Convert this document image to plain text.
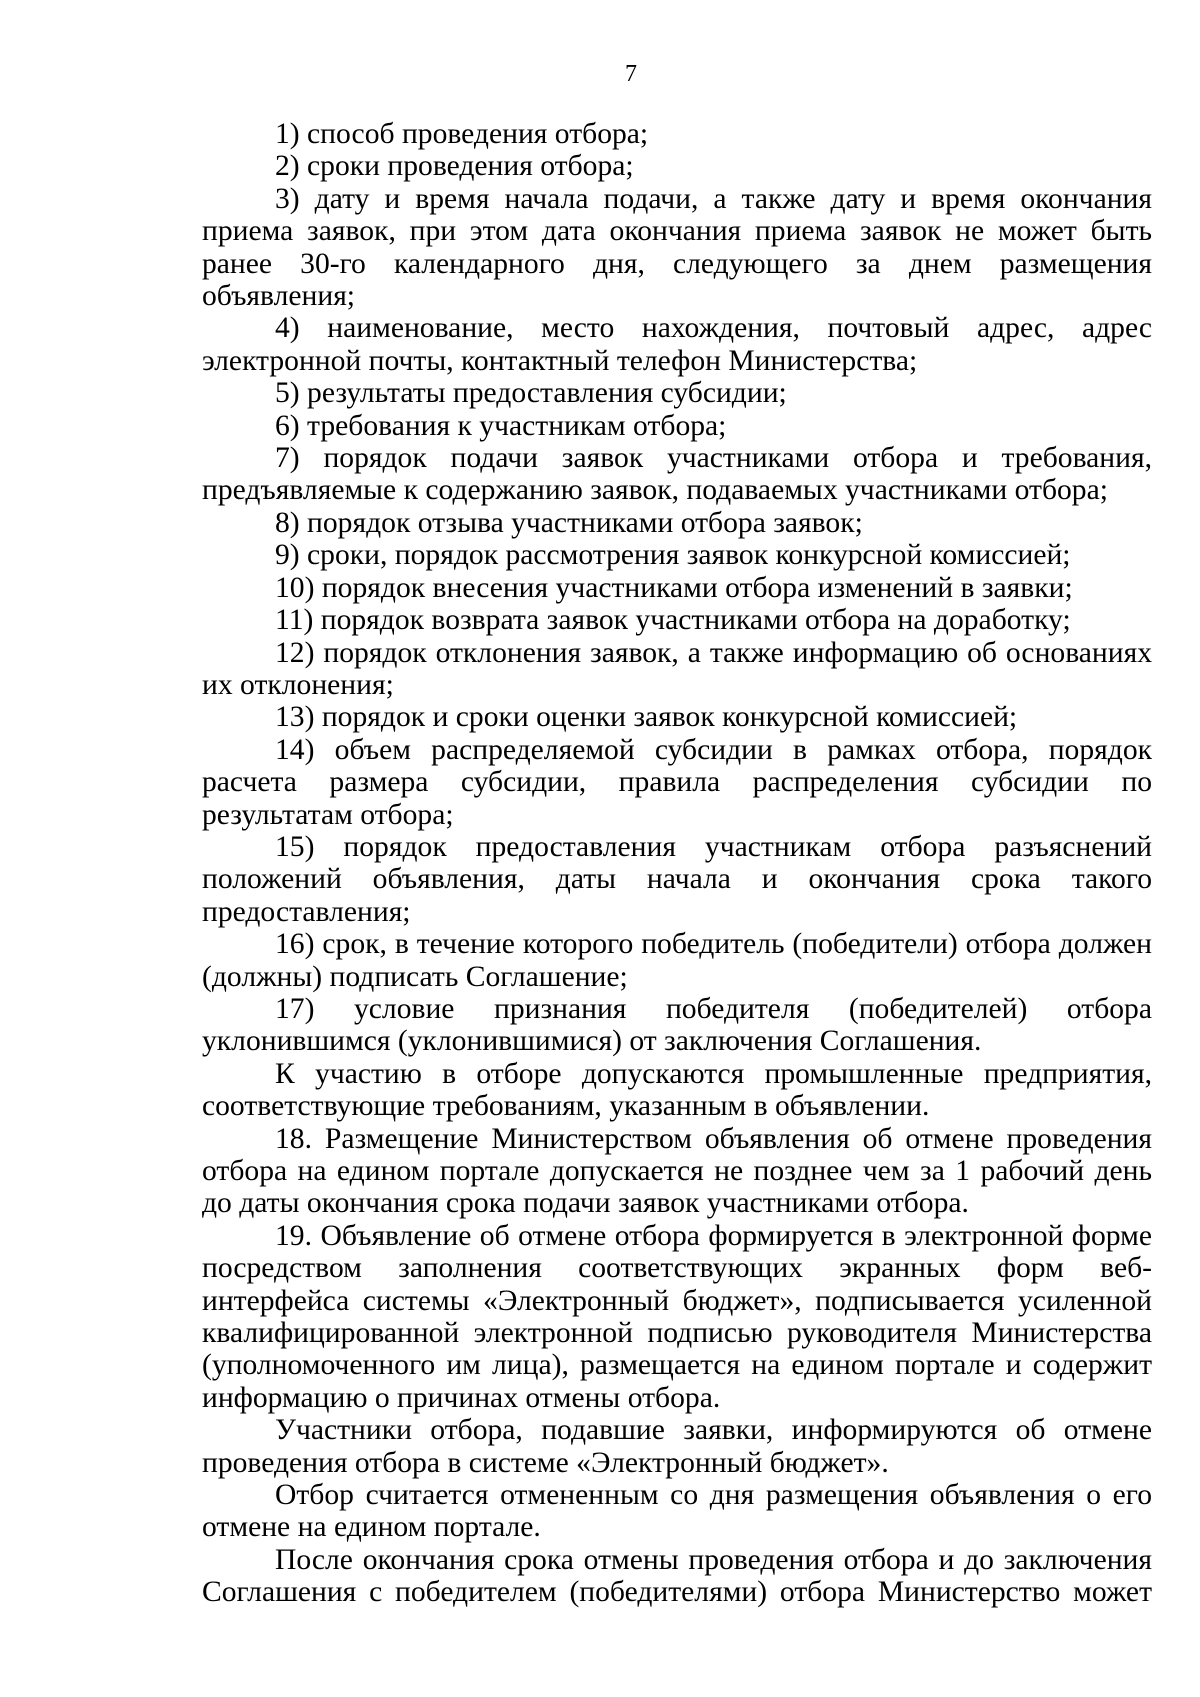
7

1) способ проведения отбора;

2) сроки проведения отбора;

3) дату и время начала подачи, а также дату и время окончания приема заявок, при этом дата окончания приема заявок не может быть ранее 30-го календарного дня, следующего за днем размещения объявления;

4) наименование, место нахождения, почтовый адрес, адрес электронной почты, контактный телефон Министерства;

5) результаты предоставления субсидии;

6) требования к участникам отбора;

7) порядок подачи заявок участниками отбора и требования, предъявляемые к содержанию заявок, подаваемых участниками отбора;

8) порядок отзыва участниками отбора заявок;

9) сроки, порядок рассмотрения заявок конкурсной комиссией;

10) порядок внесения участниками отбора изменений в заявки;

11) порядок возврата заявок участниками отбора на доработку;

12) порядок отклонения заявок, а также информацию об основаниях их отклонения;

13) порядок и сроки оценки заявок конкурсной комиссией;

14) объем распределяемой субсидии в рамках отбора, порядок расчета размера субсидии, правила распределения субсидии по результатам отбора;

15) порядок предоставления участникам отбора разъяснений положений объявления, даты начала и окончания срока такого предоставления;

16) срок, в течение которого победитель (победители) отбора должен (должны) подписать Соглашение;

17) условие признания победителя (победителей) отбора уклонившимся (уклонившимися) от заключения Соглашения.

К участию в отборе допускаются промышленные предприятия, соответствующие требованиям, указанным в объявлении.

18. Размещение Министерством объявления об отмене проведения отбора на едином портале допускается не позднее чем за 1 рабочий день до даты окончания срока подачи заявок участниками отбора.

19. Объявление об отмене отбора формируется в электронной форме посредством заполнения соответствующих экранных форм веб-интерфейса системы «Электронный бюджет», подписывается усиленной квалифицированной электронной подписью руководителя Министерства (уполномоченного им лица), размещается на едином портале и содержит информацию о причинах отмены отбора.

Участники отбора, подавшие заявки, информируются об отмене проведения отбора в системе «Электронный бюджет».

Отбор считается отмененным со дня размещения объявления о его отмене на едином портале.

После окончания срока отмены проведения отбора и до заключения Соглашения с победителем (победителями) отбора Министерство может
